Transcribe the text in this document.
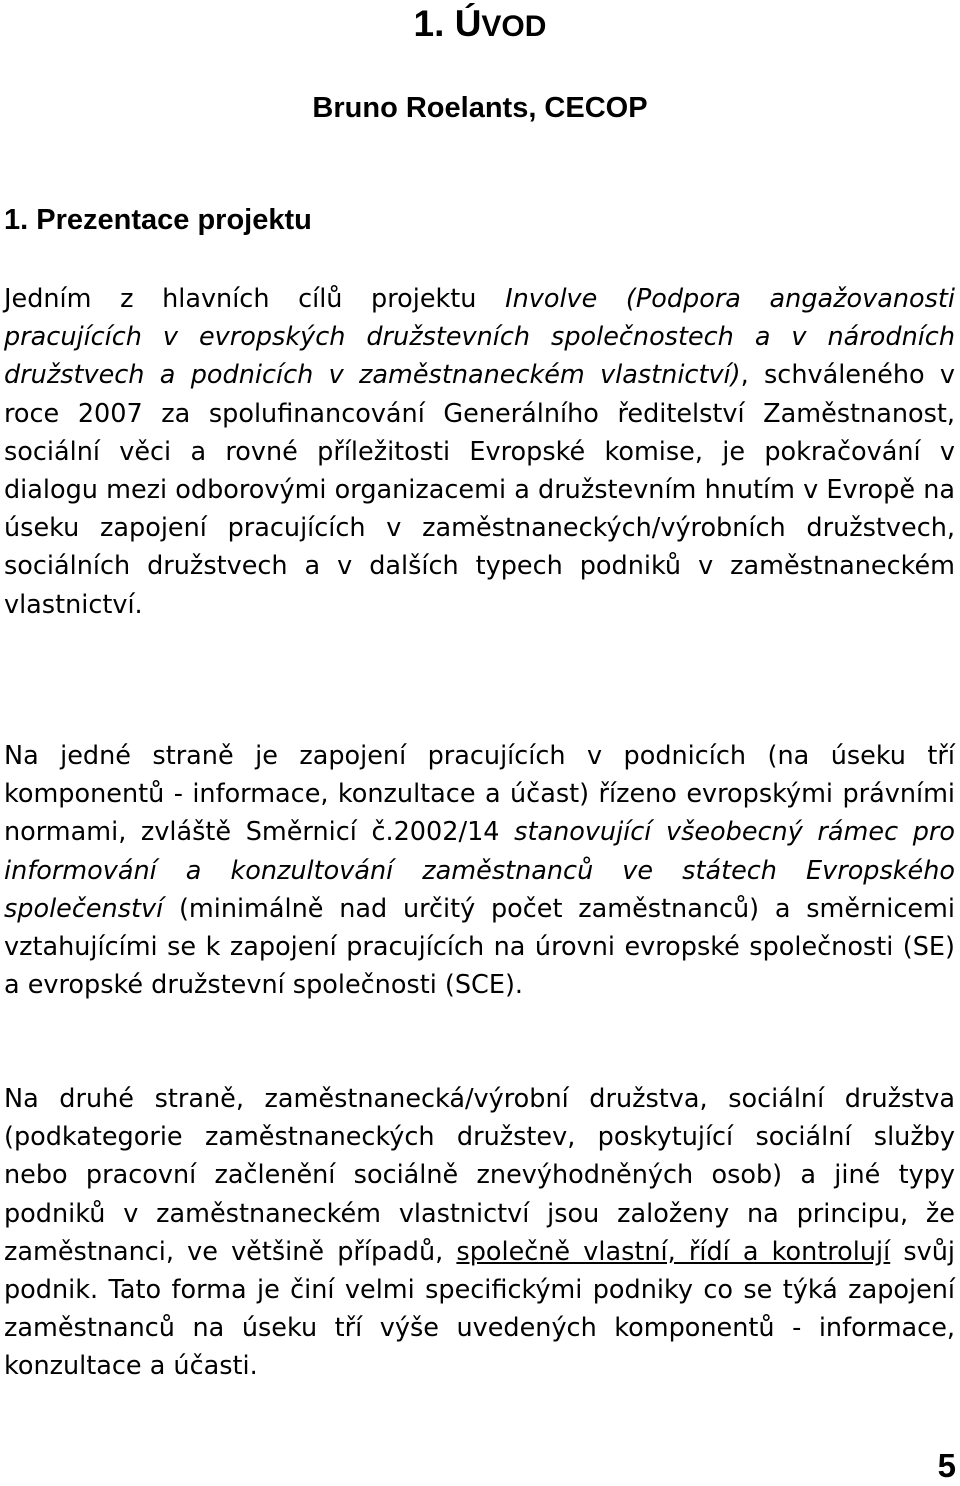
1. ÚVOD
Bruno Roelants, CECOP
1. Prezentace projektu
Jedním z hlavních cílů projektu Involve (Podpora angažovanosti pracujících v evropských družstevních společnostech a v národních družstvech a podnicích v zaměstnaneckém vlastnictví), schváleného v roce 2007 za spolufinancování Generálního ředitelství Zaměstnanost, sociální věci a rovné příležitosti Evropské komise, je pokračování v dialogu mezi odborovými organizacemi a družstevním hnutím v Evropě na úseku zapojení pracujících v zaměstnaneckých/výrobních družstvech, sociálních družstvech a v dalších typech podniků v zaměstnaneckém vlastnictví.
Na jedné straně je zapojení pracujících v podnicích (na úseku tří komponentů - informace, konzultace a účast) řízeno evropskými právními normami, zvláště Směrnicí č.2002/14 stanovující všeobecný rámec pro informování a konzultování zaměstnanců ve státech Evropského společenství (minimálně nad určitý počet zaměstnanců) a směrnicemi vztahujícími se k zapojení pracujících na úrovni evropské společnosti (SE) a evropské družstevní společnosti (SCE).
Na druhé straně, zaměstnanecká/výrobní družstva, sociální družstva (podkategorie zaměstnaneckých družstev, poskytující sociální služby nebo pracovní začlenění sociálně znevýhodněných osob) a jiné typy podniků v zaměstnaneckém vlastnictví jsou založeny na principu, že zaměstnanci, ve většině případů, společně vlastní, řídí a kontrolují svůj podnik. Tato forma je činí velmi specifickými podniky co se týká zapojení zaměstnanců na úseku tří výše uvedených komponentů - informace, konzultace a účasti.
5
